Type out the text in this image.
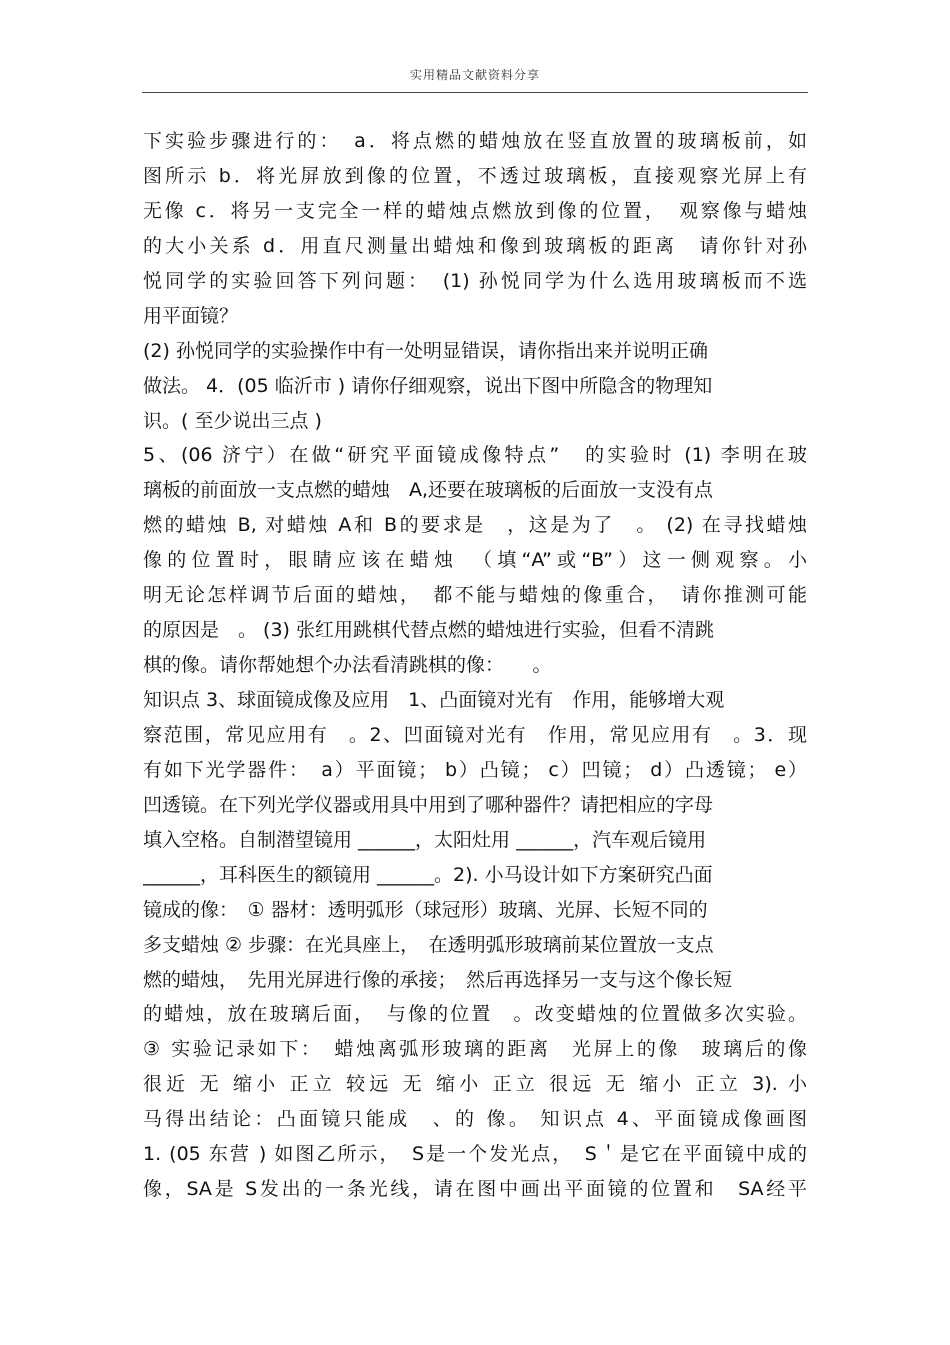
实用精品文献资料分享
下实验步骤进行的：　a．将点燃的蜡烛放在竖直放置的玻璃板前，如
图所示 b．将光屏放到像的位置，不透过玻璃板，直接观察光屏上有
无像 c．将另一支完全一样的蜡烛点燃放到像的位置，　观察像与蜡烛
的大小关系 d．用直尺测量出蜡烛和像到玻璃板的距离　请你针对孙
悦同学的实验回答下列问题：　(1) 孙悦同学为什么选用玻璃板而不选
用平面镜？
(2) 孙悦同学的实验操作中有一处明显错误，请你指出来并说明正确
做法。 4．(05 临沂市 ) 请你仔细观察，说出下图中所隐含的物理知
识。( 至少说出三点 )
5、(06 济宁）在做“研究平面镜成像特点”　的实验时 (1) 李明在玻
璃板的前面放一支点燃的蜡烛　A,还要在玻璃板的后面放一支没有点
燃的蜡烛 B, 对蜡烛 A和 B的要求是　，这是为了　。 (2) 在寻找蜡烛
像的位置时，眼睛应该在蜡烛　（填“A”或“B”）这一侧观察。小
明无论怎样调节后面的蜡烛，　都不能与蜡烛的像重合，　请你推测可能
的原因是　。 (3) 张红用跳棋代替点燃的蜡烛进行实验，但看不清跳
棋的像。请你帮她想个办法看清跳棋的像：　　。
知识点 3、球面镜成像及应用　1、凸面镜对光有　作用，能够增大观
察范围，常见应用有　。2、凹面镜对光有　作用，常见应用有　。3．现
有如下光学器件：　a）平面镜； b）凸镜； c）凹镜； d）凸透镜； e）
凹透镜。在下列光学仪器或用具中用到了哪种器件？请把相应的字母
填入空格。自制潜望镜用 ______，太阳灶用 ______，汽车观后镜用
______，耳科医生的额镜用 ______。2). 小马设计如下方案研究凸面
镜成的像：　① 器材：透明弧形（球冠形）玻璃、光屏、长短不同的
多支蜡烛 ② 步骤：在光具座上，　在透明弧形玻璃前某位置放一支点
燃的蜡烛，　先用光屏进行像的承接；　然后再选择另一支与这个像长短
的蜡烛，放在玻璃后面，　与像的位置　。改变蜡烛的位置做多次实验。
③ 实验记录如下：　蜡烛离弧形玻璃的距离　光屏上的像　玻璃后的像
很近 无 缩小 正立 较远 无 缩小 正立 很远 无 缩小 正立 3). 小
马得出结论：凸面镜只能成　、的 像。 知识点 4、平面镜成像画图
1. (05 东营 ) 如图乙所示，　S是一个发光点，　S＇是它在平面镜中成的
像，SA是 S发出的一条光线，请在图中画出平面镜的位置和　SA经平
